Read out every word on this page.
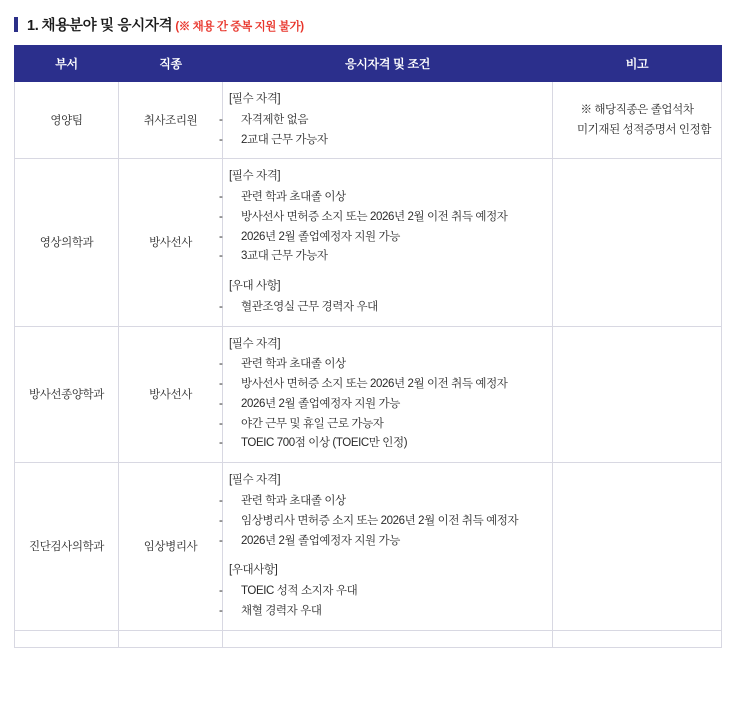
1. 채용분야 및 응시자격 (※ 채용 간 중복 지원 불가)
부서	직종	응시자격 및 조건	비고
영양팀	취사조리원	[필수 자격]
- 자격제한 없음
- 2교대 근무 가능자	※ 해당직종은 졸업석차
미기재된 성적증명서 인정함

영상의학과	방사선사	
[필수 자격]
- 관련 학과 초대졸 이상
- 방사선사 면허증 소지 또는 2026년 2월 이전 취득 예정자
- 2026년 2월 졸업예정자 지원 가능
- 3교대 근무 가능자
[우대 사항]
- 혈관조영실 근무 경력자 우대

방사선종양학과	방사선사	
[필수 자격]
- 관련 학과 초대졸 이상
- 방사선사 면허증 소지 또는 2026년 2월 이전 취득 예정자
- 2026년 2월 졸업예정자 지원 가능
- 야간 근무 및 휴일 근로 가능자
- TOEIC 700점 이상 (TOEIC만 인정)

진단검사의학과	임상병리사	
[필수 자격]
- 관련 학과 초대졸 이상
- 임상병리사 면허증 소지 또는 2026년 2월 이전 취득 예정자
- 2026년 2월 졸업예정자 지원 가능
[우대사항]
- TOEIC 성적 소지자 우대
- 채혈 경력자 우대
